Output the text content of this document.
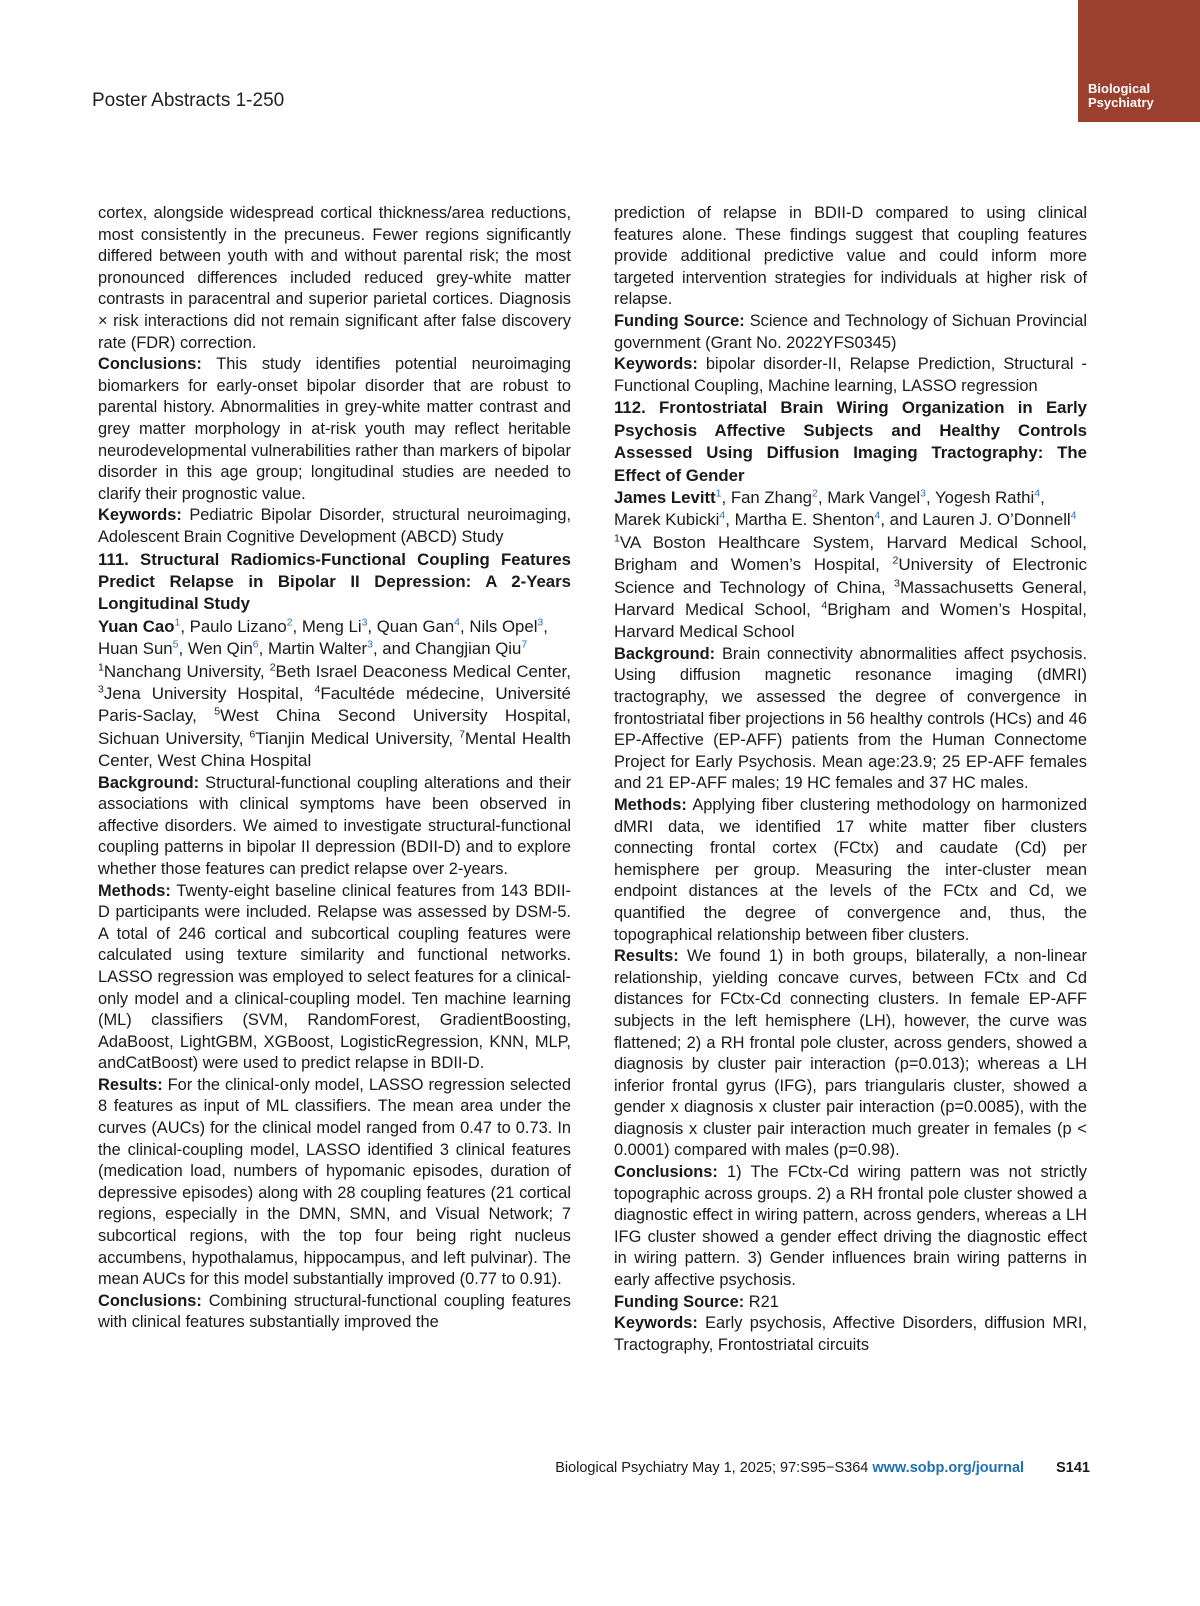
Poster Abstracts 1-250
Biological
Psychiatry

cortex, alongside widespread cortical thickness/area reductions, most consistently in the precuneus. Fewer regions significantly differed between youth with and without parental risk; the most pronounced differences included reduced grey-white matter contrasts in paracentral and superior parietal cortices. Diagnosis × risk interactions did not remain significant after false discovery rate (FDR) correction.

Conclusions: This study identifies potential neuroimaging biomarkers for early-onset bipolar disorder that are robust to parental history. Abnormalities in grey-white matter contrast and grey matter morphology in at-risk youth may reflect heritable neurodevelopmental vulnerabilities rather than markers of bipolar disorder in this age group; longitudinal studies are needed to clarify their prognostic value.

Keywords: Pediatric Bipolar Disorder, structural neuroimaging, Adolescent Brain Cognitive Development (ABCD) Study

111. Structural Radiomics-Functional Coupling Features Predict Relapse in Bipolar II Depression: A 2-Years Longitudinal Study

Yuan Cao$^1$, Paulo Lizano$^2$, Meng Li$^3$, Quan Gan$^4$, Nils Opel$^3$, Huan Sun$^5$, Wen Qin$^6$, Martin Walter$^3$, and Changjian Qiu$^7$

$^1$Nanchang University, $^2$Beth Israel Deaconess Medical Center, $^3$Jena University Hospital, $^4$Facultéde médecine, Université Paris-Saclay, $^5$West China Second University Hospital, Sichuan University, $^6$Tianjin Medical University, $^7$Mental Health Center, West China Hospital

Background: Structural-functional coupling alterations and their associations with clinical symptoms have been observed in affective disorders. We aimed to investigate structural-functional coupling patterns in bipolar II depression (BDII-D) and to explore whether those features can predict relapse over 2-years.

Methods: Twenty-eight baseline clinical features from 143 BDII-D participants were included. Relapse was assessed by DSM-5. A total of 246 cortical and subcortical coupling features were calculated using texture similarity and functional networks. LASSO regression was employed to select features for a clinical-only model and a clinical-coupling model. Ten machine learning (ML) classifiers (SVM, RandomForest, GradientBoosting, AdaBoost, LightGBM, XGBoost, LogisticRegression, KNN, MLP, andCatBoost) were used to predict relapse in BDII-D.

Results: For the clinical-only model, LASSO regression selected 8 features as input of ML classifiers. The mean area under the curves (AUCs) for the clinical model ranged from 0.47 to 0.73. In the clinical-coupling model, LASSO identified 3 clinical features (medication load, numbers of hypomanic episodes, duration of depressive episodes) along with 28 coupling features (21 cortical regions, especially in the DMN, SMN, and Visual Network; 7 subcortical regions, with the top four being right nucleus accumbens, hypothalamus, hippocampus, and left pulvinar). The mean AUCs for this model substantially improved (0.77 to 0.91).

Conclusions: Combining structural-functional coupling features with clinical features substantially improved the

prediction of relapse in BDII-D compared to using clinical features alone. These findings suggest that coupling features provide additional predictive value and could inform more targeted intervention strategies for individuals at higher risk of relapse.

Funding Source: Science and Technology of Sichuan Provincial government (Grant No. 2022YFS0345)

Keywords: bipolar disorder-II, Relapse Prediction, Structural -Functional Coupling, Machine learning, LASSO regression

112. Frontostriatal Brain Wiring Organization in Early Psychosis Affective Subjects and Healthy Controls Assessed Using Diffusion Imaging Tractography: The Effect of Gender

James Levitt$^1$, Fan Zhang$^2$, Mark Vangel$^3$, Yogesh Rathi$^4$, Marek Kubicki$^4$, Martha E. Shenton$^4$, and Lauren J. O’Donnell$^4$

$^1$VA Boston Healthcare System, Harvard Medical School, Brigham and Women’s Hospital, $^2$University of Electronic Science and Technology of China, $^3$Massachusetts General, Harvard Medical School, $^4$Brigham and Women’s Hospital, Harvard Medical School

Background: Brain connectivity abnormalities affect psychosis. Using diffusion magnetic resonance imaging (dMRI) tractography, we assessed the degree of convergence in frontostriatal fiber projections in 56 healthy controls (HCs) and 46 EP-Affective (EP-AFF) patients from the Human Connectome Project for Early Psychosis. Mean age:23.9; 25 EP-AFF females and 21 EP-AFF males; 19 HC females and 37 HC males.

Methods: Applying fiber clustering methodology on harmonized dMRI data, we identified 17 white matter fiber clusters connecting frontal cortex (FCtx) and caudate (Cd) per hemisphere per group. Measuring the inter-cluster mean endpoint distances at the levels of the FCtx and Cd, we quantified the degree of convergence and, thus, the topographical relationship between fiber clusters.

Results: We found 1) in both groups, bilaterally, a non-linear relationship, yielding concave curves, between FCtx and Cd distances for FCtx-Cd connecting clusters. In female EP-AFF subjects in the left hemisphere (LH), however, the curve was flattened; 2) a RH frontal pole cluster, across genders, showed a diagnosis by cluster pair interaction (p=0.013); whereas a LH inferior frontal gyrus (IFG), pars triangularis cluster, showed a gender x diagnosis x cluster pair interaction (p=0.0085), with the diagnosis x cluster pair interaction much greater in females (p < 0.0001) compared with males (p=0.98).

Conclusions: 1) The FCtx-Cd wiring pattern was not strictly topographic across groups. 2) a RH frontal pole cluster showed a diagnostic effect in wiring pattern, across genders, whereas a LH IFG cluster showed a gender effect driving the diagnostic effect in wiring pattern. 3) Gender influences brain wiring patterns in early affective psychosis.

Funding Source: R21

Keywords: Early psychosis, Affective Disorders, diffusion MRI, Tractography, Frontostriatal circuits

Biological Psychiatry May 1, 2025; 97:S95−S364 www.sobp.org/journal S141
